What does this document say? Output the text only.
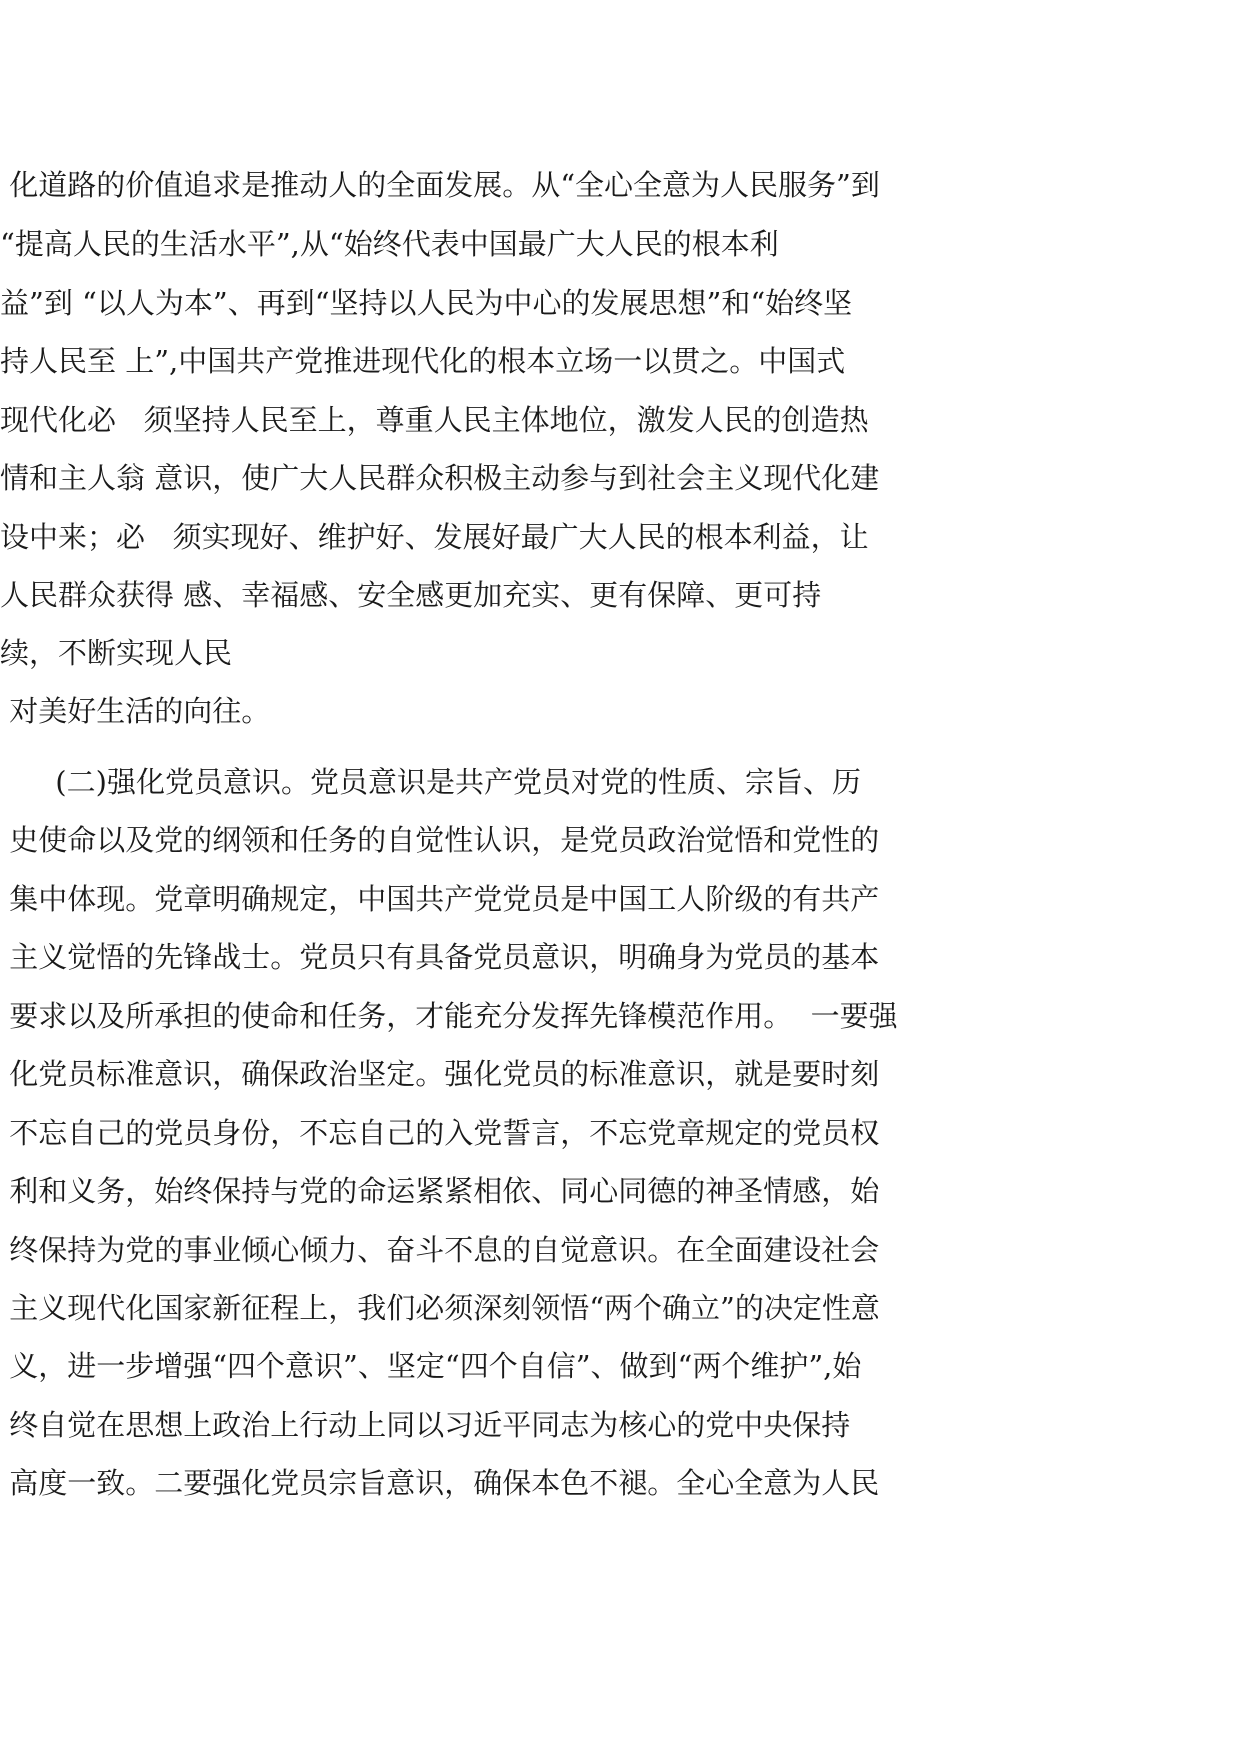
化道路的价值追求是推动人的全面发展。从“全心全意为人民服务”到

“提高人民的生活水平”,从“始终代表中国最广大人民的根本利

益”到 “以人为本”、再到“坚持以人民为中心的发展思想”和“始终坚

持人民至 上”,中国共产党推进现代化的根本立场一以贯之。中国式

现代化必   须坚持人民至上，尊重人民主体地位，激发人民的创造热

情和主人翁 意识，使广大人民群众积极主动参与到社会主义现代化建

设中来；必   须实现好、维护好、发展好最广大人民的根本利益，让

人民群众获得 感、幸福感、安全感更加充实、更有保障、更可持

续，不断实现人民

对美好生活的向往。

(二)强化党员意识。党员意识是共产党员对党的性质、宗旨、历

史使命以及党的纲领和任务的自觉性认识，是党员政治觉悟和党性的

集中体现。党章明确规定，中国共产党党员是中国工人阶级的有共产

主义觉悟的先锋战士。党员只有具备党员意识，明确身为党员的基本

要求以及所承担的使命和任务，才能充分发挥先锋模范作用。  一要强

化党员标准意识，确保政治坚定。强化党员的标准意识，就是要时刻

不忘自己的党员身份，不忘自己的入党誓言，不忘党章规定的党员权

利和义务，始终保持与党的命运紧紧相依、同心同德的神圣情感，始

终保持为党的事业倾心倾力、奋斗不息的自觉意识。在全面建设社会

主义现代化国家新征程上，我们必须深刻领悟“两个确立”的决定性意

义，进一步增强“四个意识”、坚定“四个自信”、做到“两个维护”,始

终自觉在思想上政治上行动上同以习近平同志为核心的党中央保持

高度一致。二要强化党员宗旨意识，确保本色不褪。全心全意为人民
